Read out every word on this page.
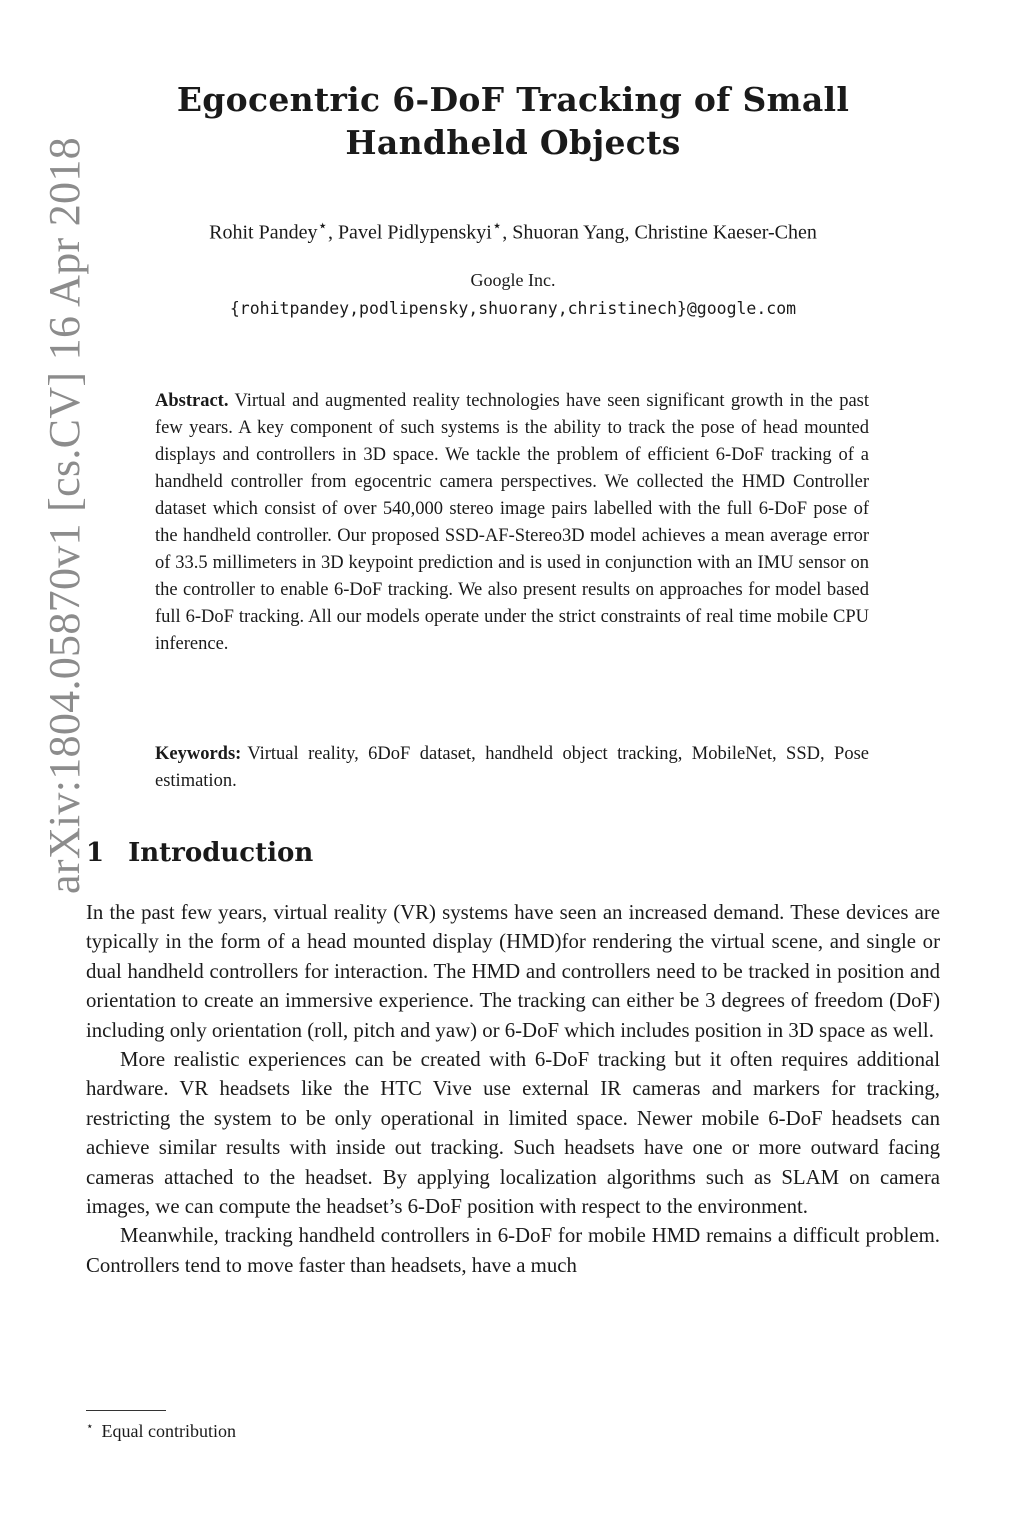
arXiv:1804.05870v1 [cs.CV] 16 Apr 2018
Egocentric 6-DoF Tracking of Small Handheld Objects
Rohit Pandey⋆, Pavel Pidlypenskyi⋆, Shuoran Yang, Christine Kaeser-Chen
Google Inc.
{rohitpandey,podlipensky,shuorany,christinech}@google.com

Abstract. Virtual and augmented reality technologies have seen significant growth in the past few years. A key component of such systems is the ability to track the pose of head mounted displays and controllers in 3D space. We tackle the problem of efficient 6-DoF tracking of a handheld controller from egocentric camera perspectives. We collected the HMD Controller dataset which consist of over 540,000 stereo image pairs labelled with the full 6-DoF pose of the handheld controller. Our proposed SSD-AF-Stereo3D model achieves a mean average error of 33.5 millimeters in 3D keypoint prediction and is used in conjunction with an IMU sensor on the controller to enable 6-DoF tracking. We also present results on approaches for model based full 6-DoF tracking. All our models operate under the strict constraints of real time mobile CPU inference.

Keywords: Virtual reality, 6DoF dataset, handheld object tracking, MobileNet, SSD, Pose estimation.

1 Introduction

In the past few years, virtual reality (VR) systems have seen an increased demand. These devices are typically in the form of a head mounted display (HMD)for rendering the virtual scene, and single or dual handheld controllers for interaction. The HMD and controllers need to be tracked in position and orientation to create an immersive experience. The tracking can either be 3 degrees of freedom (DoF) including only orientation (roll, pitch and yaw) or 6-DoF which includes position in 3D space as well.

More realistic experiences can be created with 6-DoF tracking but it often requires additional hardware. VR headsets like the HTC Vive use external IR cameras and markers for tracking, restricting the system to be only operational in limited space. Newer mobile 6-DoF headsets can achieve similar results with inside out tracking. Such headsets have one or more outward facing cameras attached to the headset. By applying localization algorithms such as SLAM on camera images, we can compute the headset’s 6-DoF position with respect to the environment.

Meanwhile, tracking handheld controllers in 6-DoF for mobile HMD remains a difficult problem. Controllers tend to move faster than headsets, have a much

⋆ Equal contribution
